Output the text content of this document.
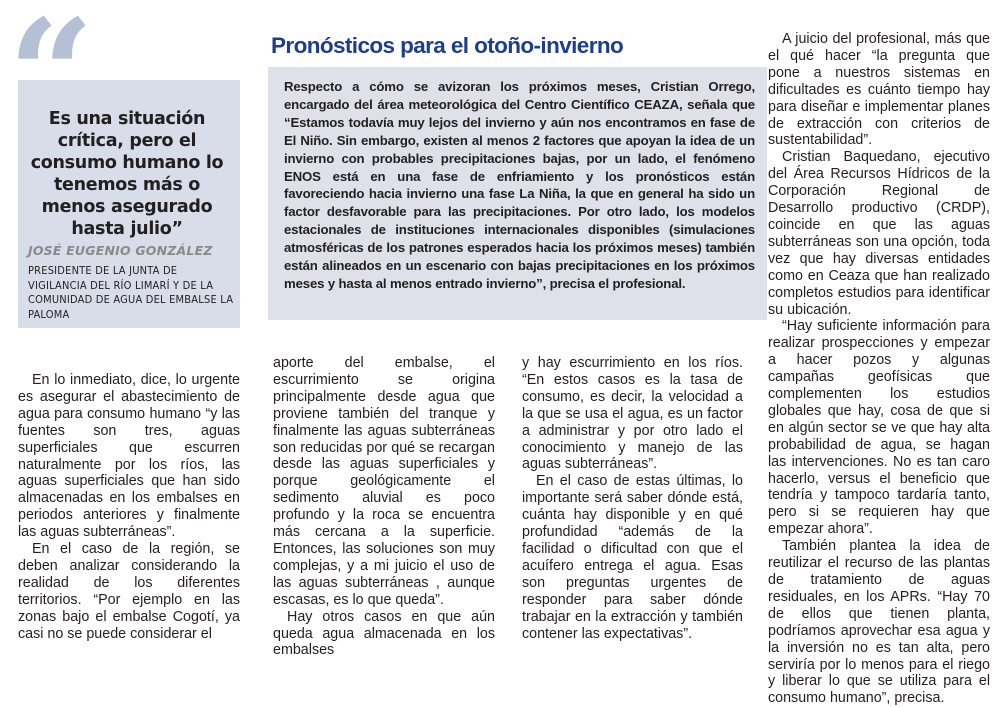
“

Es una situación crítica, pero el consumo humano lo tenemos más o menos asegurado hasta julio”

JOSÉ EUGENIO GONZÁLEZ

PRESIDENTE DE LA JUNTA DE VIGILANCIA DEL RÍO LIMARÍ Y DE LA COMUNIDAD DE AGUA DEL EMBALSE LA PALOMA

Pronósticos para el otoño-invierno

Respecto a cómo se avizoran los próximos meses, Cristian Orrego, encargado del área meteorológica del Centro Científico CEAZA, señala que “Estamos todavía muy lejos del invierno y aún nos encontramos en fase de El Niño. Sin embargo, existen al menos 2 factores que apoyan la idea de un invierno con probables precipitaciones bajas, por un lado, el fenómeno ENOS está en una fase de enfriamiento y los pronósticos están favoreciendo hacia invierno una fase La Niña, la que en general ha sido un factor desfavorable para las precipitaciones. Por otro lado, los modelos estacionales de instituciones internacionales disponibles (simulaciones atmosféricas de los patrones esperados hacia los próximos meses) también están alineados en un escenario con bajas precipitaciones en los próximos meses y hasta al menos entrado invierno”, precisa el profesional.

En lo inmediato, dice, lo urgente es asegurar el abastecimiento de agua para consumo humano “y las fuentes son tres, aguas superficiales que escurren naturalmente por los ríos, las aguas superficiales que han sido almacenadas en los embalses en periodos anteriores y finalmente las aguas subterráneas”.

En el caso de la región, se deben analizar considerando la realidad de los diferentes territorios. “Por ejemplo en las zonas bajo el embalse Cogotí, ya casi no se puede considerar el

aporte del embalse, el escurrimiento se origina principalmente desde agua que proviene también del tranque y finalmente las aguas subterráneas son reducidas por qué se recargan desde las aguas superficiales y porque geológicamente el sedimento aluvial es poco profundo y la roca se encuentra más cercana a la superficie. Entonces, las soluciones son muy complejas, y a mi juicio el uso de las aguas subterráneas , aunque escasas, es lo que queda”.

Hay otros casos en que aún queda agua almacenada en los embalses

y hay escurrimiento en los ríos. “En estos casos es la tasa de consumo, es decir, la velocidad a la que se usa el agua, es un factor a administrar y por otro lado el conocimiento y manejo de las aguas subterráneas”.

En el caso de estas últimas, lo importante será saber dónde está, cuánta hay disponible y en qué profundidad “además de la facilidad o dificultad con que el acuífero entrega el agua. Esas son preguntas urgentes de responder para saber dónde trabajar en la extracción y también contener las expectativas”.

A juicio del profesional, más que el qué hacer “la pregunta que pone a nuestros sistemas en dificultades es cuánto tiempo hay para diseñar e implementar planes de extracción con criterios de sustentabilidad”.

Cristian Baquedano, ejecutivo del Área Recursos Hídricos de la Corporación Regional de Desarrollo productivo (CRDP), coincide en que las aguas subterráneas son una opción, toda vez que hay diversas entidades como en Ceaza que han realizado completos estudios para identificar su ubicación.

“Hay suficiente información para realizar prospecciones y empezar a hacer pozos y algunas campañas geofísicas que complementen los estudios globales que hay, cosa de que si en algún sector se ve que hay alta probabilidad de agua, se hagan las intervenciones. No es tan caro hacerlo, versus el beneficio que tendría y tampoco tardaría tanto, pero si se requieren hay que empezar ahora”.

También plantea la idea de reutilizar el recurso de las plantas de tratamiento de aguas residuales, en los APRs. “Hay 70 de ellos que tienen planta, podríamos aprovechar esa agua y la inversión no es tan alta, pero serviría por lo menos para el riego y liberar lo que se utiliza para el consumo humano”, precisa.
